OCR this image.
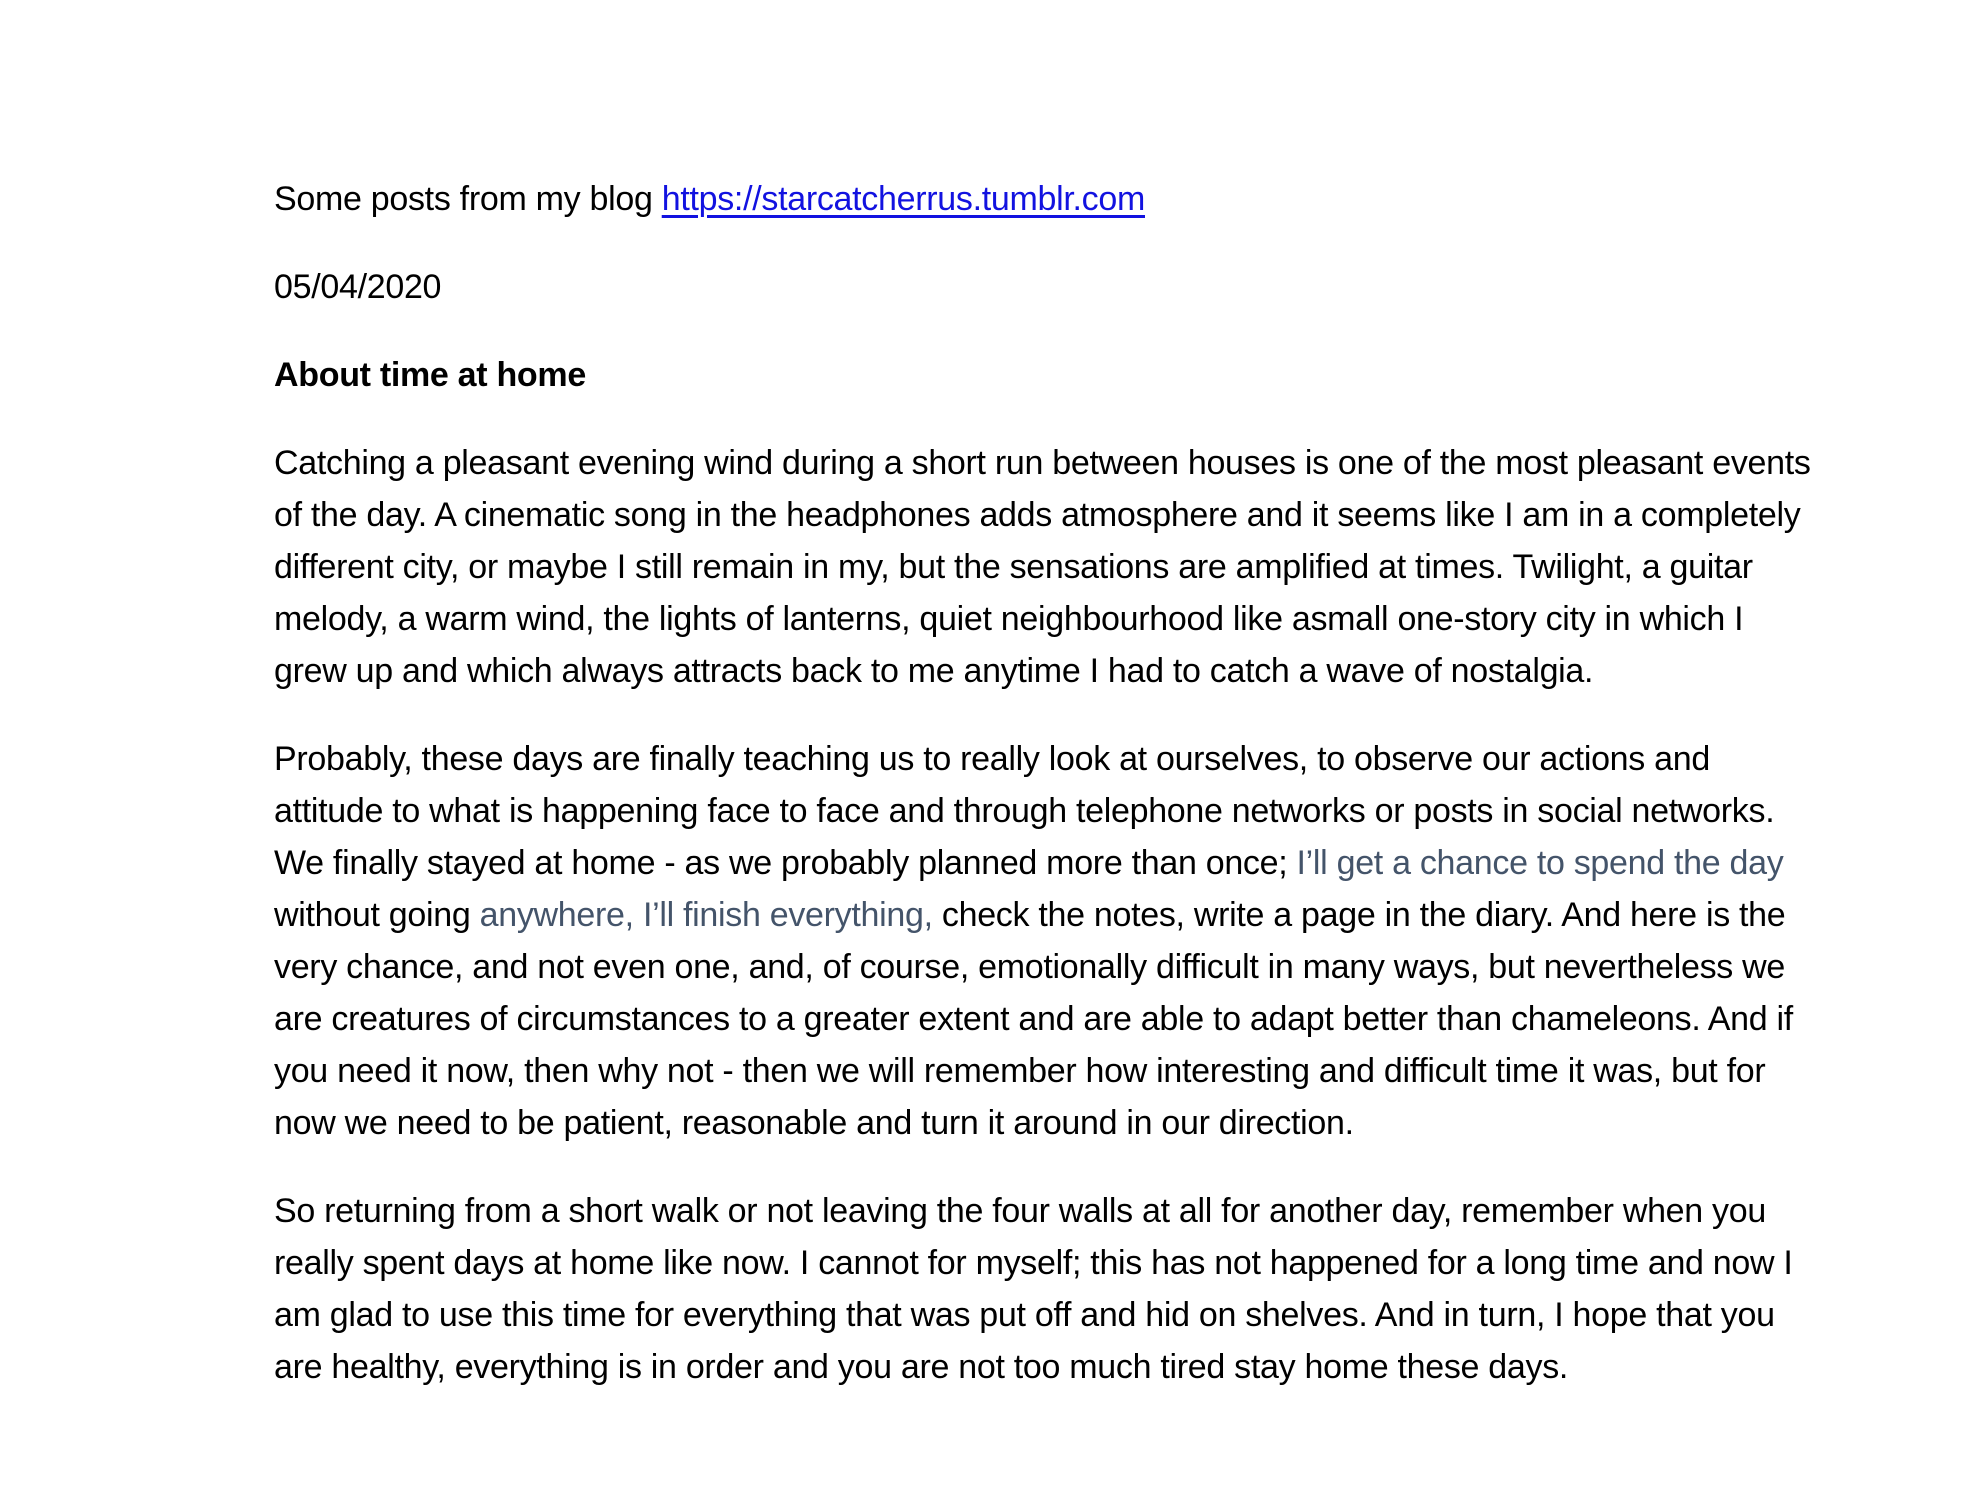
Some posts from my blog https://starcatcherrus.tumblr.com
05/04/2020
About time at home
Catching a pleasant evening wind during a short run between houses is one of the most pleasant events
of the day. A cinematic song in the headphones adds atmosphere and it seems like I am in a completely
different city, or maybe I still remain in my, but the sensations are amplified at times. Twilight, a guitar
melody, a warm wind, the lights of lanterns, quiet neighbourhood like asmall one-story city in which I
grew up and which always attracts back to me anytime I had to catch a wave of nostalgia.
Probably, these days are finally teaching us to really look at ourselves, to observe our actions and
attitude to what is happening face to face and through telephone networks or posts in social networks.
We finally stayed at home - as we probably planned more than once; I’ll get a chance to spend the day
without going anywhere, I’ll finish everything, check the notes, write a page in the diary. And here is the
very chance, and not even one, and, of course, emotionally difficult in many ways, but nevertheless we
are creatures of circumstances to a greater extent and are able to adapt better than chameleons. And if
you need it now, then why not - then we will remember how interesting and difficult time it was, but for
now we need to be patient, reasonable and turn it around in our direction.
So returning from a short walk or not leaving the four walls at all for another day, remember when you
really spent days at home like now. I cannot for myself; this has not happened for a long time and now I
am glad to use this time for everything that was put off and hid on shelves. And in turn, I hope that you
are healthy, everything is in order and you are not too much tired stay home these days.
